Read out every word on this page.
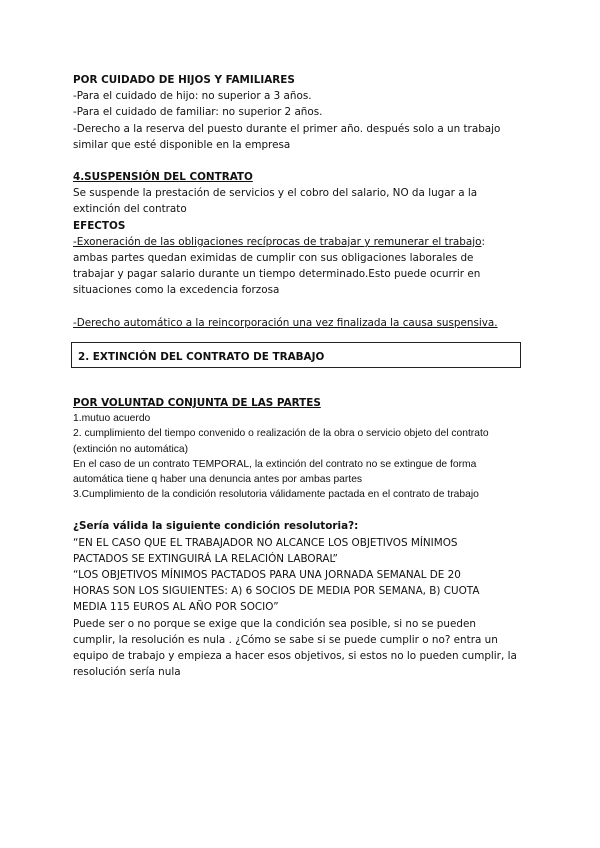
POR CUIDADO DE HIJOS Y FAMILIARES
-Para el cuidado de hijo: no superior a 3 años.
-Para el cuidado de familiar: no superior 2 años.
-Derecho a la reserva del puesto durante el primer año. después solo a un trabajo
similar que esté disponible en la empresa
4.SUSPENSIÓN DEL CONTRATO
Se suspende la prestación de servicios y el cobro del salario, NO da lugar a la
extinción del contrato
EFECTOS
-Exoneración de las obligaciones recíprocas de trabajar y remunerar el trabajo:
ambas partes quedan eximidas de cumplir con sus obligaciones laborales de
trabajar y pagar salario durante un tiempo determinado.Esto puede ocurrir en
situaciones como la excedencia forzosa
-Derecho automático a la reincorporación una vez finalizada la causa suspensiva.
2. EXTINCIÓN DEL CONTRATO DE TRABAJO
POR VOLUNTAD CONJUNTA DE LAS PARTES
1.mutuo acuerdo
2. cumplimiento del tiempo convenido o realización de la obra o servicio objeto del contrato
(extinción no automática)
En el caso de un contrato TEMPORAL, la extinción del contrato no se extingue de forma
automática tiene q haber una denuncia antes por ambas partes
3.Cumplimiento de la condición resolutoria válidamente pactada en el contrato de trabajo
¿Sería válida la siguiente condición resolutoria?:
“EN EL CASO QUE EL TRABAJADOR NO ALCANCE LOS OBJETIVOS MÍNIMOS
PACTADOS SE EXTINGUIRÁ LA RELACIÓN LABORAL”
“LOS OBJETIVOS MÍNIMOS PACTADOS PARA UNA JORNADA SEMANAL DE 20
HORAS SON LOS SIGUIENTES: A) 6 SOCIOS DE MEDIA POR SEMANA, B) CUOTA
MEDIA 115 EUROS AL AÑO POR SOCIO”
Puede ser o no porque se exige que la condición sea posible, si no se pueden
cumplir, la resolución es nula . ¿Cómo se sabe si se puede cumplir o no? entra un
equipo de trabajo y empieza a hacer esos objetivos, si estos no lo pueden cumplir, la
resolución sería nula
